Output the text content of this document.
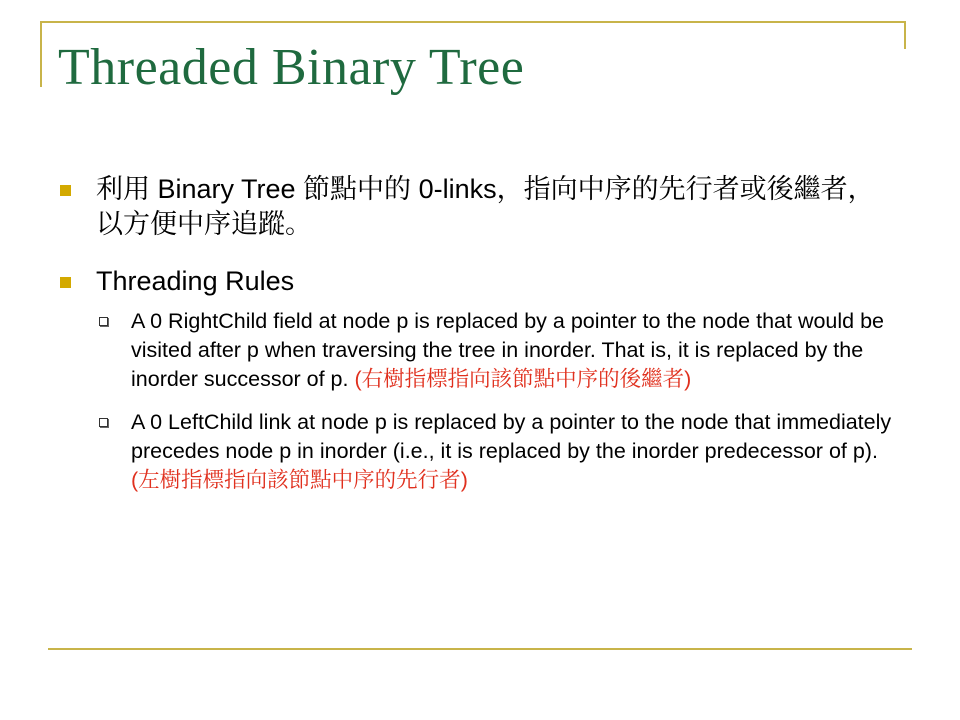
Threaded Binary Tree
利用 Binary Tree 節點中的 0-links，指向中序的先行者或後繼者，以方便中序追蹤。
Threading Rules
A 0 RightChild field at node p is replaced by a pointer to the node that would be visited after p when traversing the tree in inorder. That is, it is replaced by the inorder successor of p. (右樹指標指向該節點中序的後繼者)
A 0 LeftChild link at node p is replaced by a pointer to the node that immediately precedes node p in inorder (i.e., it is replaced by the inorder predecessor of p). (左樹指標指向該節點中序的先行者)
